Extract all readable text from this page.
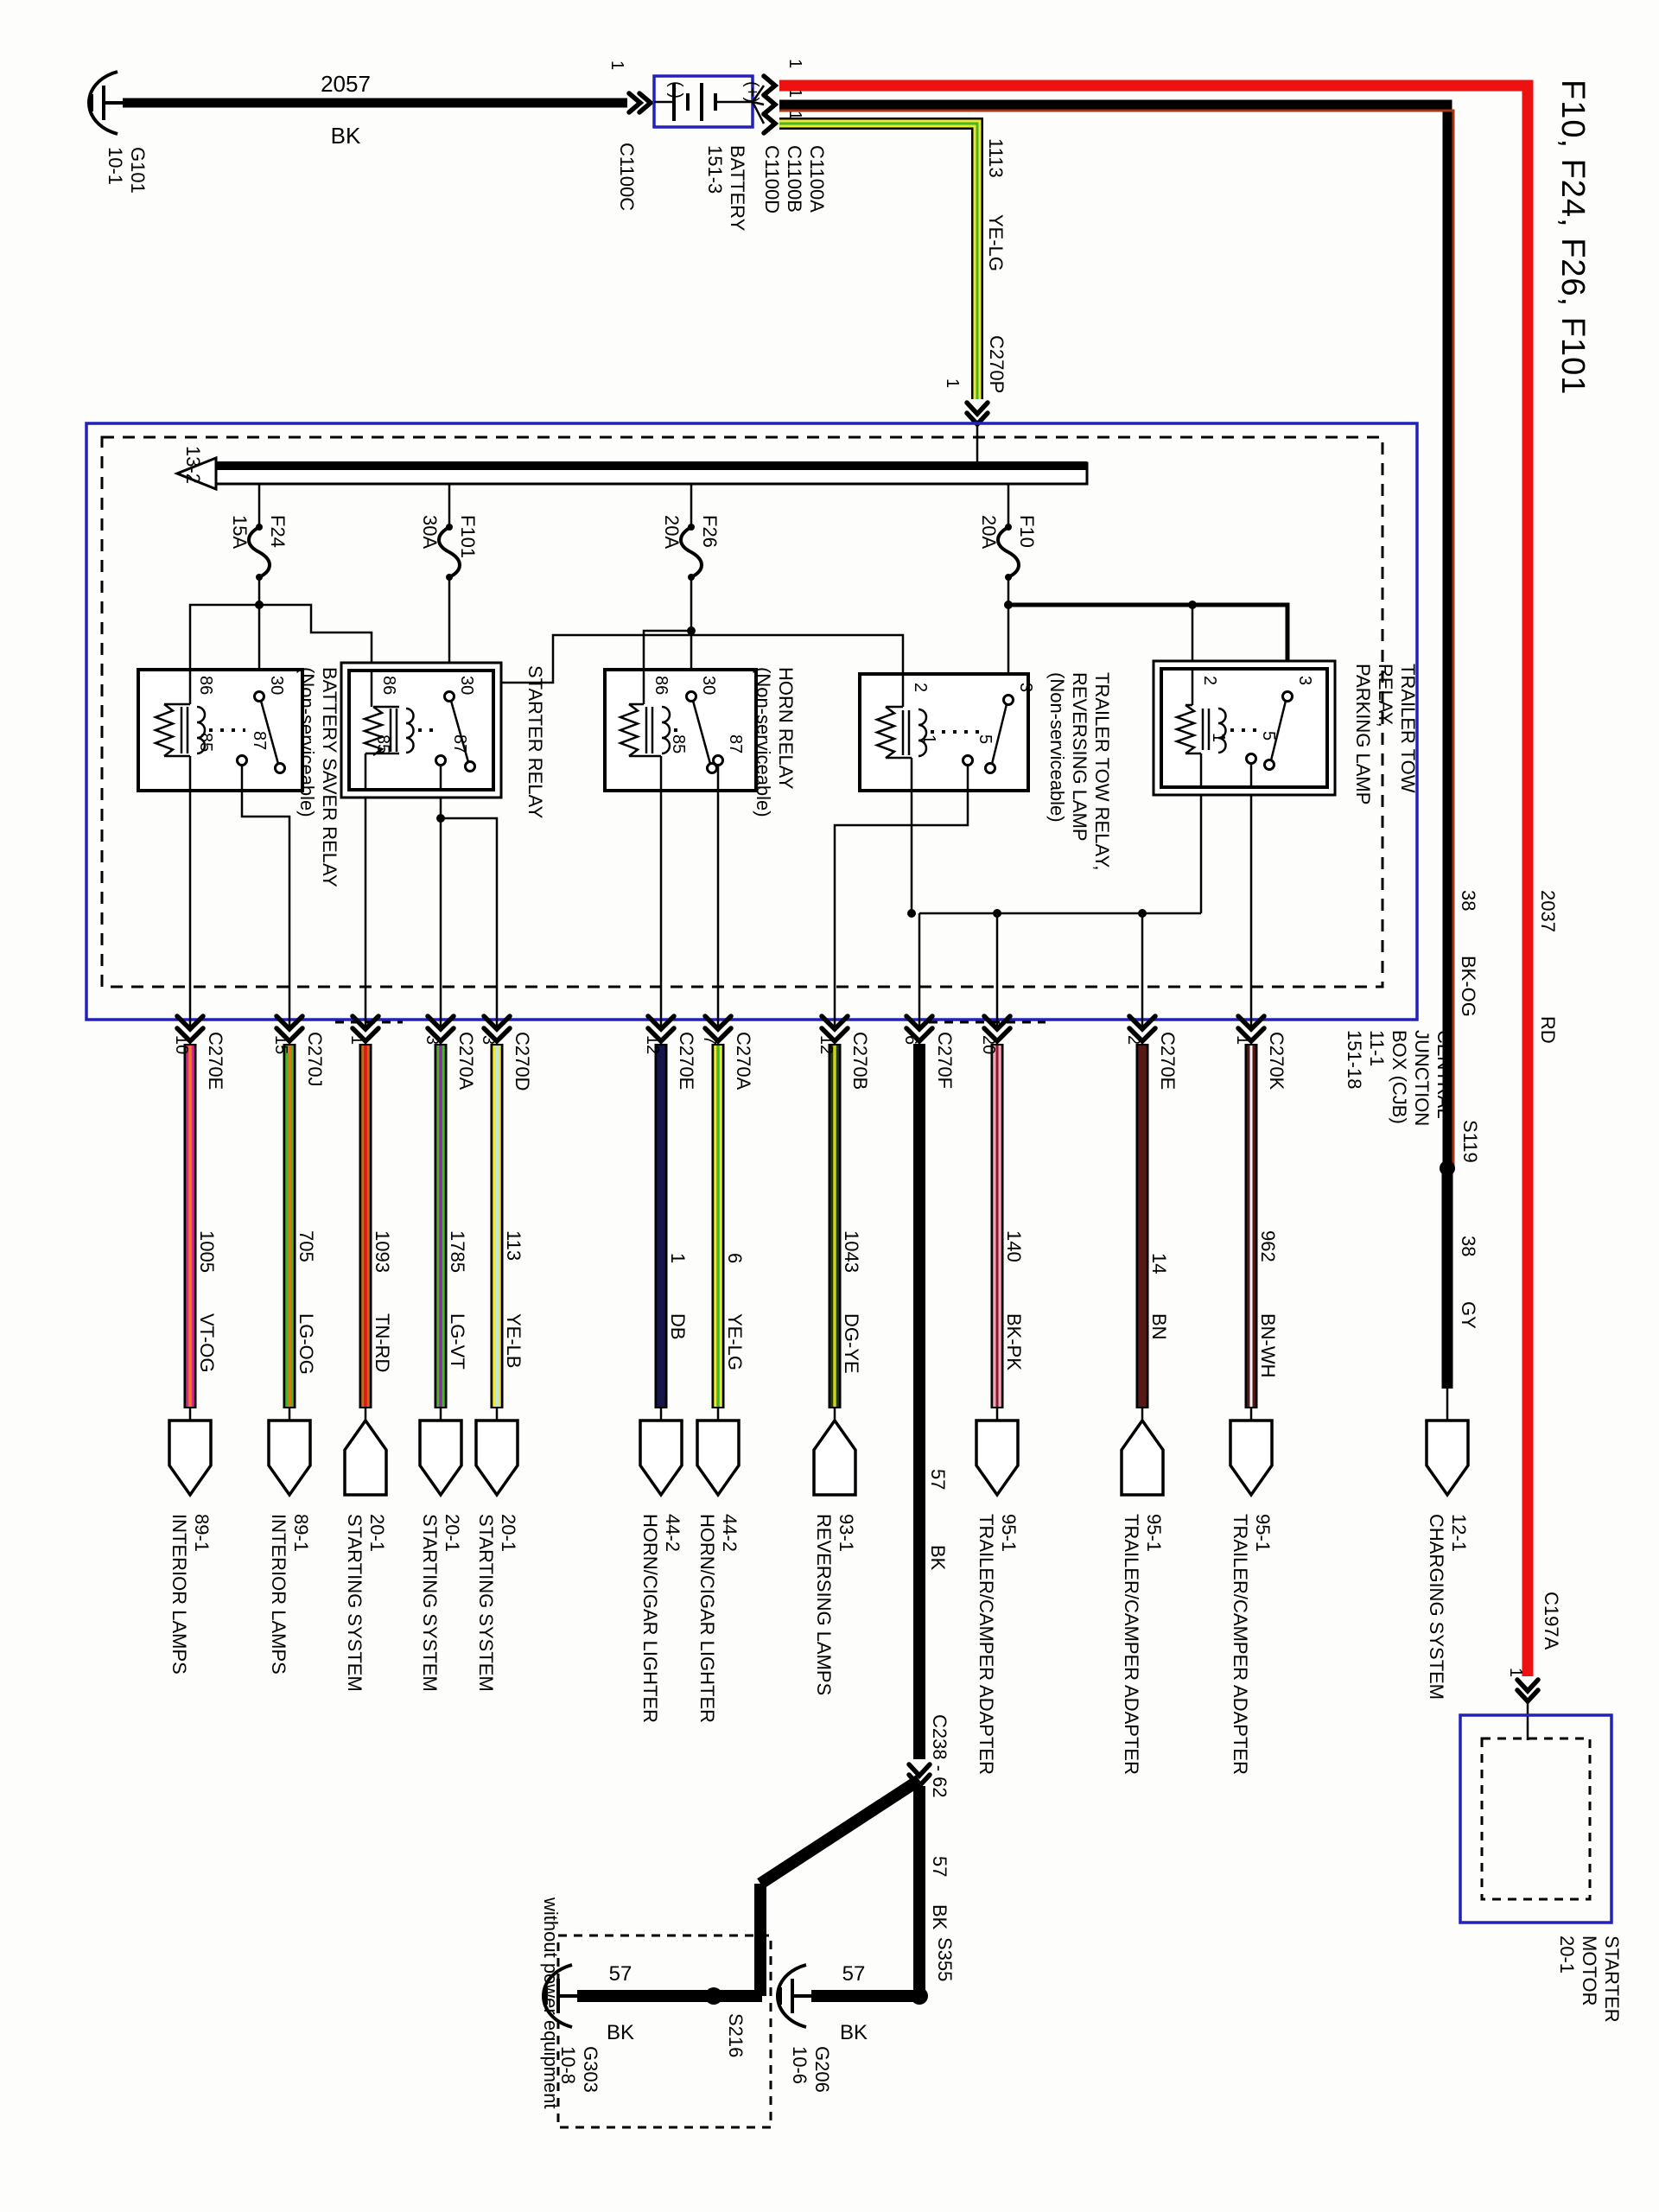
2057
BK
G101
10-1
1
C1100C
(-)	(+)
BATTERY
151-3	C1100A
C1100B
C1100D
1
1
1
2037
RD
38
BK-OG
1113
YE-LG
C270P
1	F10, F24, F26, F101
13-2
F24
15A	F101
30A	F26
20A	F10
20A
86	30
85 87	BATTERY SAVER RELAY
(Non-serviceable)	86	30
85	87	STARTER RELAY	86 30
85 87 HORN RELAY
(Non-serviceable)	2	3
1 5	TRAILER TOW RELAY,
REVERSING LAMP
(Non-serviceable)	2	3
1 5	TRAILER TOW
RELAY,
PARKING LAMP
CENTRAL
JUNCTION
BOX (CJB)
11-1
151-18
10 C270E
1005
VT-OG
89-1
INTERIOR LAMPS
15 C270J
705
LG-OG
89-1
INTERIOR LAMPS
1
1093
TN-RD
20-1
STARTING SYSTEM
3 C270A
1785
LG-VT
20-1
STARTING SYSTEM
3 C270D
113
YE-LB
20-1
STARTING SYSTEM
12 C270E
1
DB
44-2
HORN/CIGAR LIGHTER
7 C270A
6
YE-LG
44-2
HORN/CIGAR LIGHTER
12 C270B
1043
DG-YE
93-1
REVERSING LAMPS
6 C270F
57
BK
C238 - 62
57
BK
S355
S216
57
BK
G206
10-6
57
BK
G303
10-8
without power equipment
20
140
BK-PK
95-1
TRAILER/CAMPER ADAPTER
2 C270E
14
BN
95-1
TRAILER/CAMPER ADAPTER
1 C270K
962
BN-WH
95-1
TRAILER/CAMPER ADAPTER
S119
38
GY
12-1
CHARGING SYSTEM	C197A
1
STARTER
MOTOR
20-1
